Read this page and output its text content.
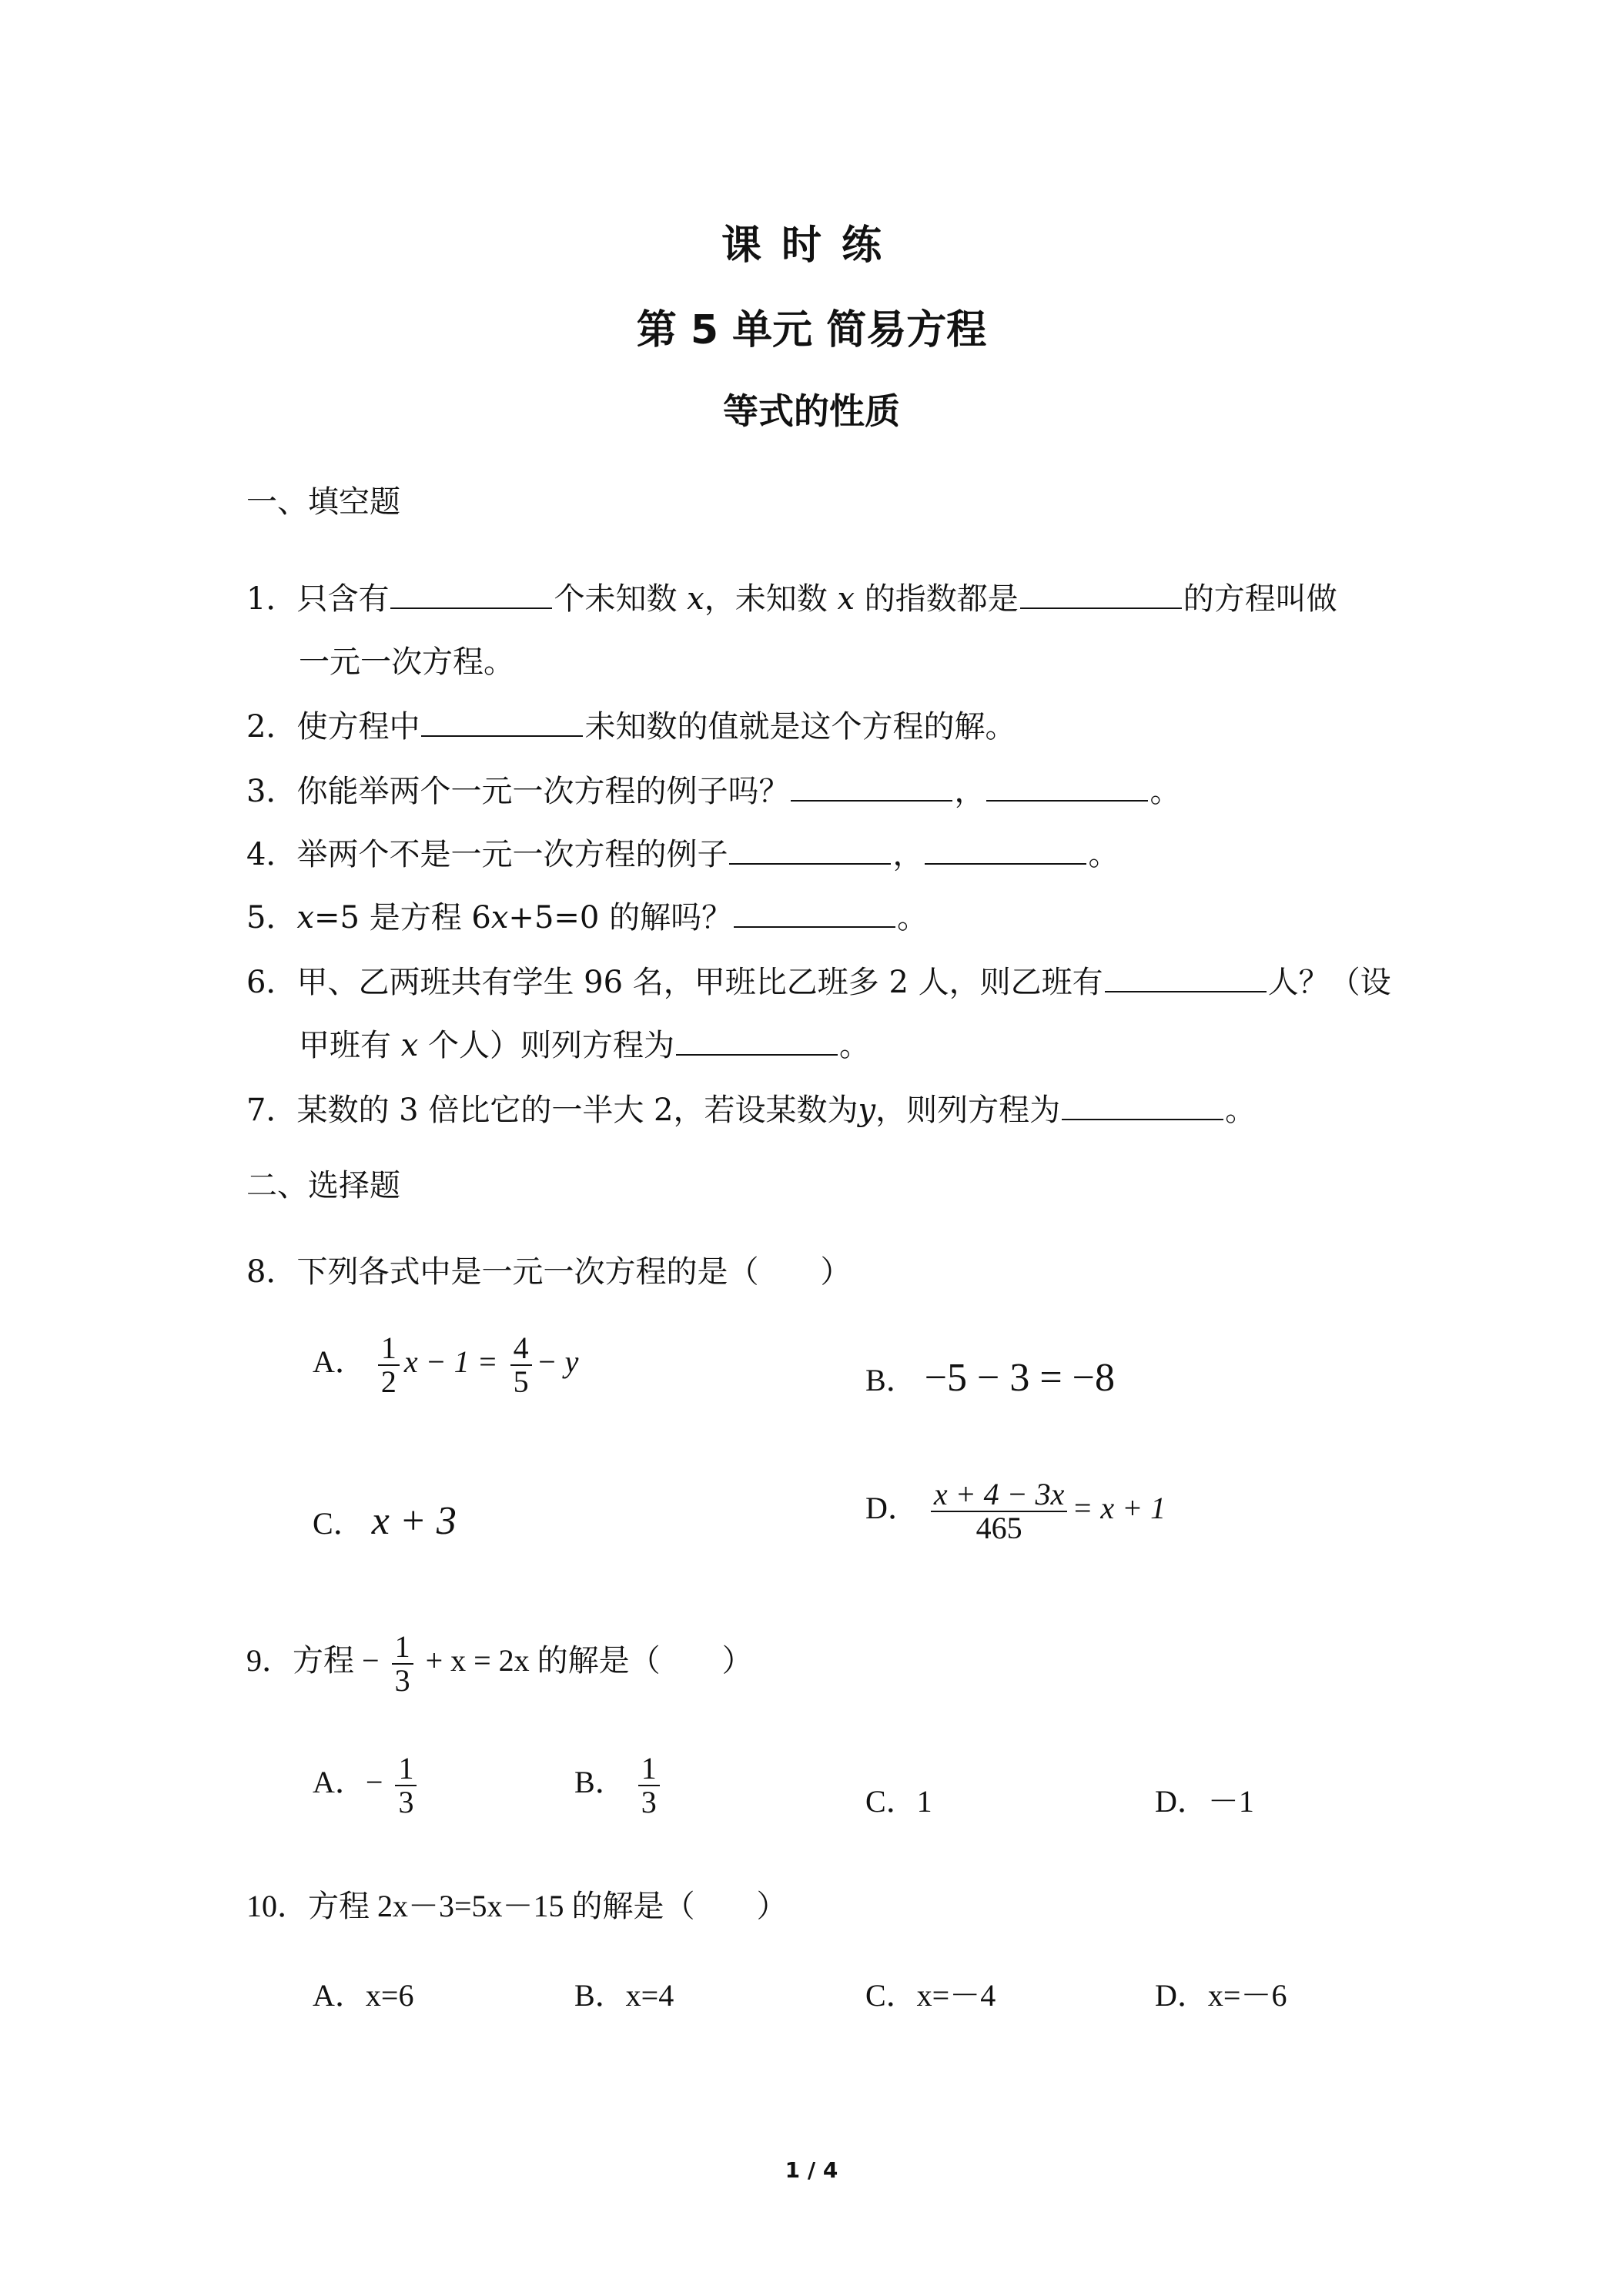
课时练
第 5 单元 简易方程
等式的性质
一、填空题
1．只含有	个未知数 x，未知数 x 的指数都是	的方程叫做
一元一次方程。
2．使方程中	未知数的值就是这个方程的解。
3．你能举两个一元一次方程的例子吗？	，	。
4．举两个不是一元一次方程的例子	，	。
5．x=5 是方程 6x+5=0 的解吗？	。
6．甲、乙两班共有学生 96 名，甲班比乙班多 2 人，则乙班有	人？（设
甲班有 x 个人）则列方程为	。
7．某数的 3 倍比它的一半大 2，若设某数为y，则列方程为	。
二、选择题
8．下列各式中是一元一次方程的是（　　）
A． $\frac{1}{2}$ $x - 1 = \frac{4}{5} - y$
B． −5 − 3 = −8
C． x + 3	D． $\frac{x + 4 - 3x}{465} = x + 1$
9．方程 − $\frac{1}{3} + x = 2x$ 的解是（　　）
A．− $\frac{1}{3}$	B． $\frac{1}{3}$	C．1	D．－1
10．方程 2x－3=5x－15 的解是（　　）
A．x=6	B．x=4	C．x=－4	D．x=－6
1 / 4
